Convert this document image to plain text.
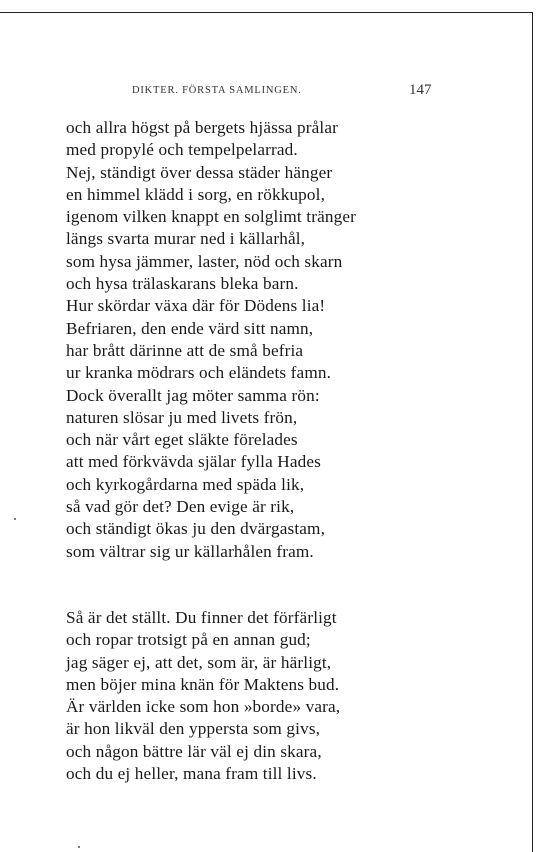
DIKTER. FÖRSTA SAMLINGEN.	147
och allra högst på bergets hjässa prålar
med propylé och tempelpelarrad.
Nej, ständigt över dessa städer hänger
en himmel klädd i sorg, en rökkupol,
igenom vilken knappt en solglimt tränger
längs svarta murar ned i källarhål,
som hysa jämmer, laster, nöd och skarn
och hysa trälaskarans bleka barn.
Hur skördar växa där för Dödens lia!
Befriaren, den ende värd sitt namn,
har brått därinne att de små befria
ur kranka mödrars och eländets famn.
Dock överallt jag möter samma rön:
naturen slösar ju med livets frön,
och när vårt eget släkte förelades
att med förkvävda själar fylla Hades
och kyrkogårdarna med späda lik,
så vad gör det? Den evige är rik,
och ständigt ökas ju den dvärgastam,
som vältrar sig ur källarhålen fram.
Så är det ställt. Du finner det förfärligt
och ropar trotsigt på en annan gud;
jag säger ej, att det, som är, är härligt,
men böjer mina knän för Maktens bud.
Är världen icke som hon »borde» vara,
är hon likväl den yppersta som givs,
och någon bättre lär väl ej din skara,
och du ej heller, mana fram till livs.
